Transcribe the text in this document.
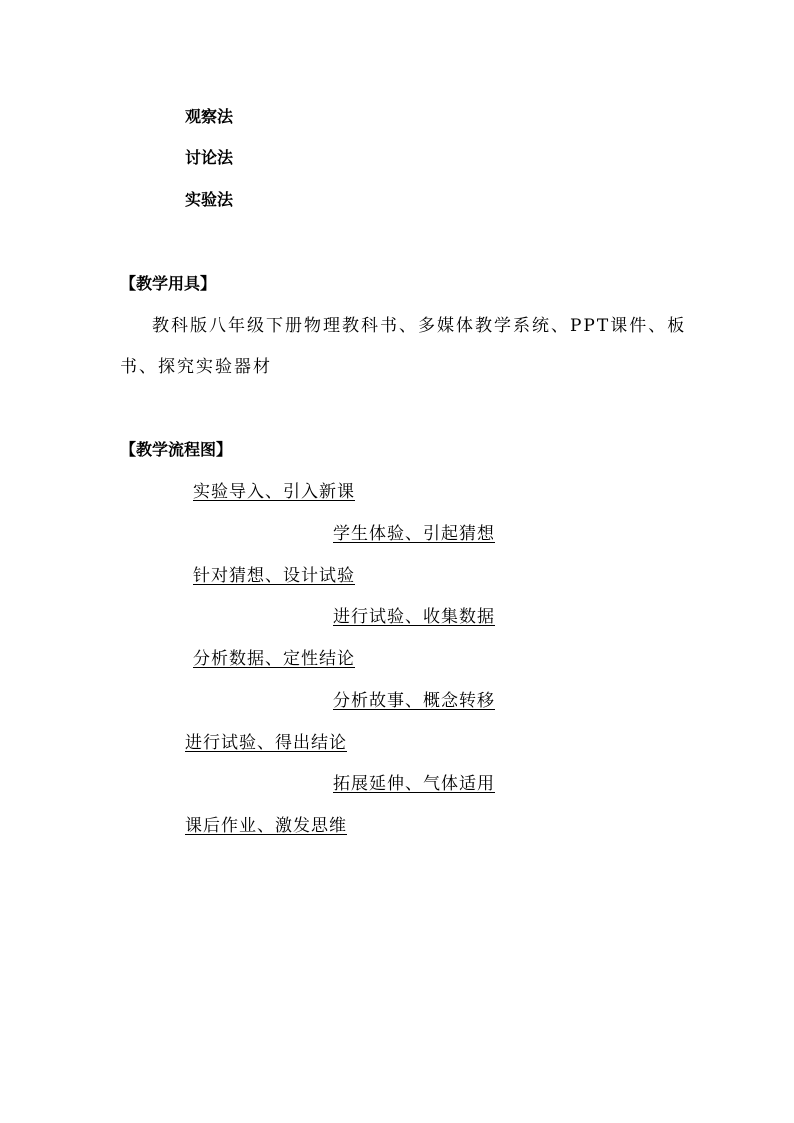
观察法
讨论法
实验法
【教学用具】
教科版八年级下册物理教科书、多媒体教学系统、PPT课件、板
书、探究实验器材
【教学流程图】
实验导入、引入新课
学生体验、引起猜想
针对猜想、设计试验
进行试验、收集数据
分析数据、定性结论
分析故事、概念转移
进行试验、得出结论
拓展延伸、气体适用
课后作业、激发思维
